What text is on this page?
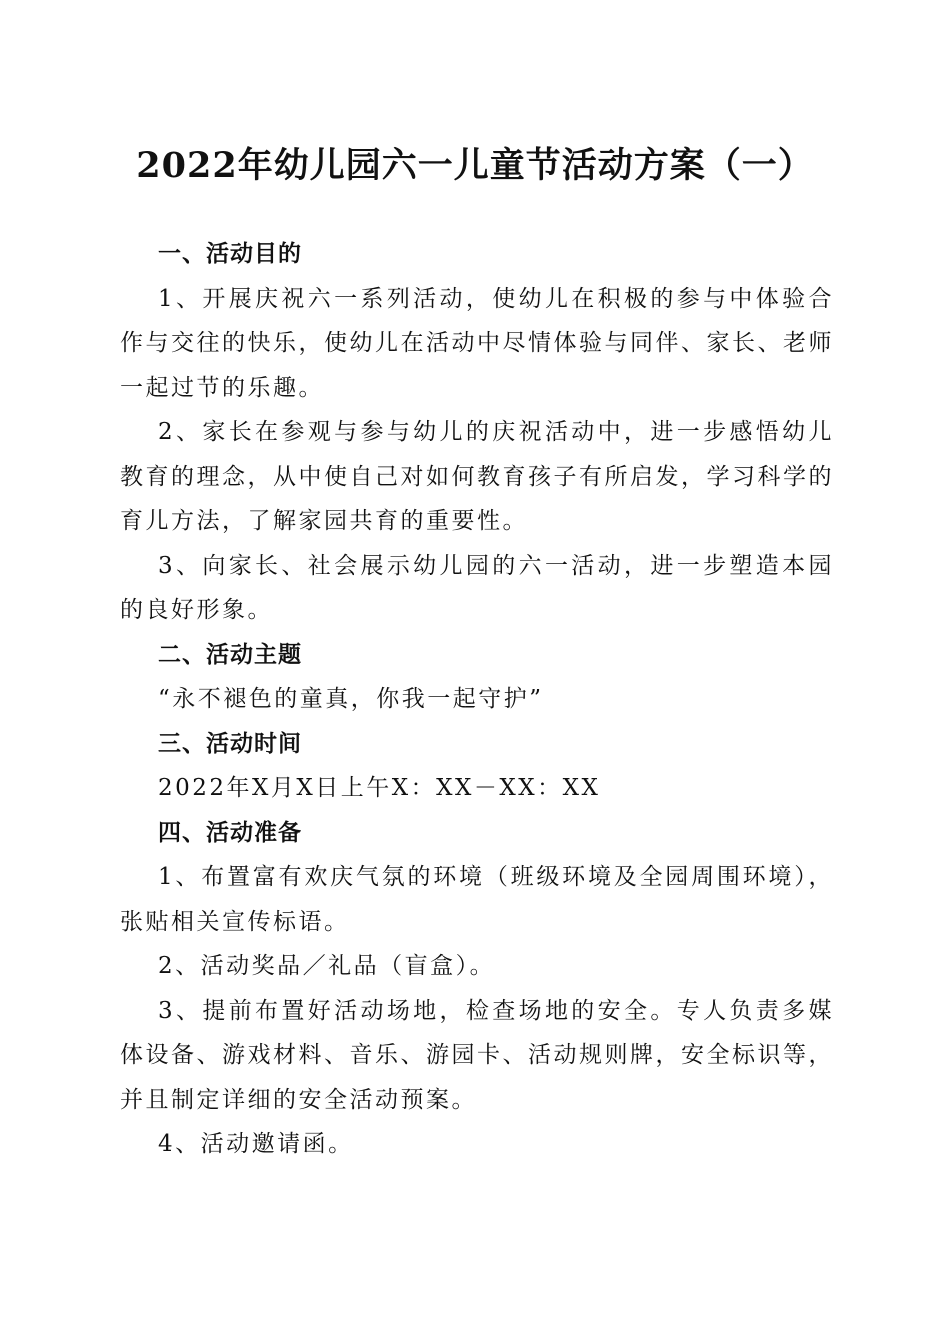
2022年幼儿园六一儿童节活动方案（一）
一、活动目的

1、开展庆祝六一系列活动，使幼儿在积极的参与中体验合作与交往的快乐，使幼儿在活动中尽情体验与同伴、家长、老师一起过节的乐趣。

2、家长在参观与参与幼儿的庆祝活动中，进一步感悟幼儿教育的理念，从中使自己对如何教育孩子有所启发，学习科学的育儿方法，了解家园共育的重要性。

3、向家长、社会展示幼儿园的六一活动，进一步塑造本园的良好形象。

二、活动主题

“永不褪色的童真，你我一起守护”

三、活动时间

2022年X月X日上午X：XX－XX：XX

四、活动准备

1、布置富有欢庆气氛的环境（班级环境及全园周围环境），张贴相关宣传标语。

2、活动奖品／礼品（盲盒）。

3、提前布置好活动场地，检查场地的安全。专人负责多媒体设备、游戏材料、音乐、游园卡、活动规则牌，安全标识等，并且制定详细的安全活动预案。

4、活动邀请函。
